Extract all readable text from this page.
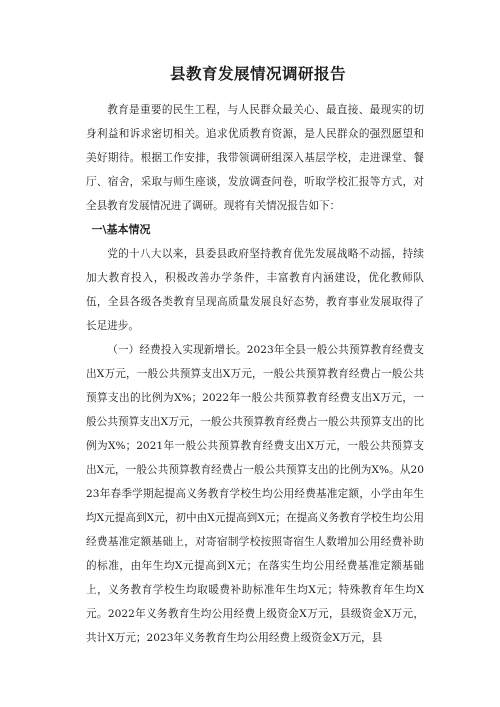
县教育发展情况调研报告

教育是重要的民生工程，与人民群众最关心、最直接、最现实的切身利益和诉求密切相关。追求优质教育资源，是人民群众的强烈愿望和美好期待。根据工作安排，我带领调研组深入基层学校，走进课堂、餐厅、宿舍，采取与师生座谈，发放调查问卷，听取学校汇报等方式，对全县教育发展情况进了调研。现将有关情况报告如下：

一\基本情况

党的十八大以来，县委县政府坚持教育优先发展战略不动摇，持续加大教育投入，积极改善办学条件，丰富教育内涵建设，优化教师队伍，全县各级各类教育呈现高质量发展良好态势，教育事业发展取得了长足进步。

（一）经费投入实现新增长。2023年全县一般公共预算教育经费支出X万元，一般公共预算支出X万元，一般公共预算教育经费占一般公共预算支出的比例为X%；2022年一般公共预算教育经费支出X万元，一般公共预算支出X万元，一般公共预算教育经费占一般公共预算支出的比例为X%；2021年一般公共预算教育经费支出X万元，一般公共预算支出X元，一般公共预算教育经费占一般公共预算支出的比例为X%。从2023年春季学期起提高义务教育学校生均公用经费基准定额，小学由年生均X元提高到X元，初中由X元提高到X元；在提高义务教育学校生均公用经费基准定额基础上，对寄宿制学校按照寄宿生人数增加公用经费补助的标准，由年生均X元提高到X元；在落实生均公用经费基准定额基础上，义务教育学校生均取暖费补助标准年生均X元；特殊教育年生均X元。2022年义务教育生均公用经费上级资金X万元，县级资金X万元，共计X万元；2023年义务教育生均公用经费上级资金X万元，县
